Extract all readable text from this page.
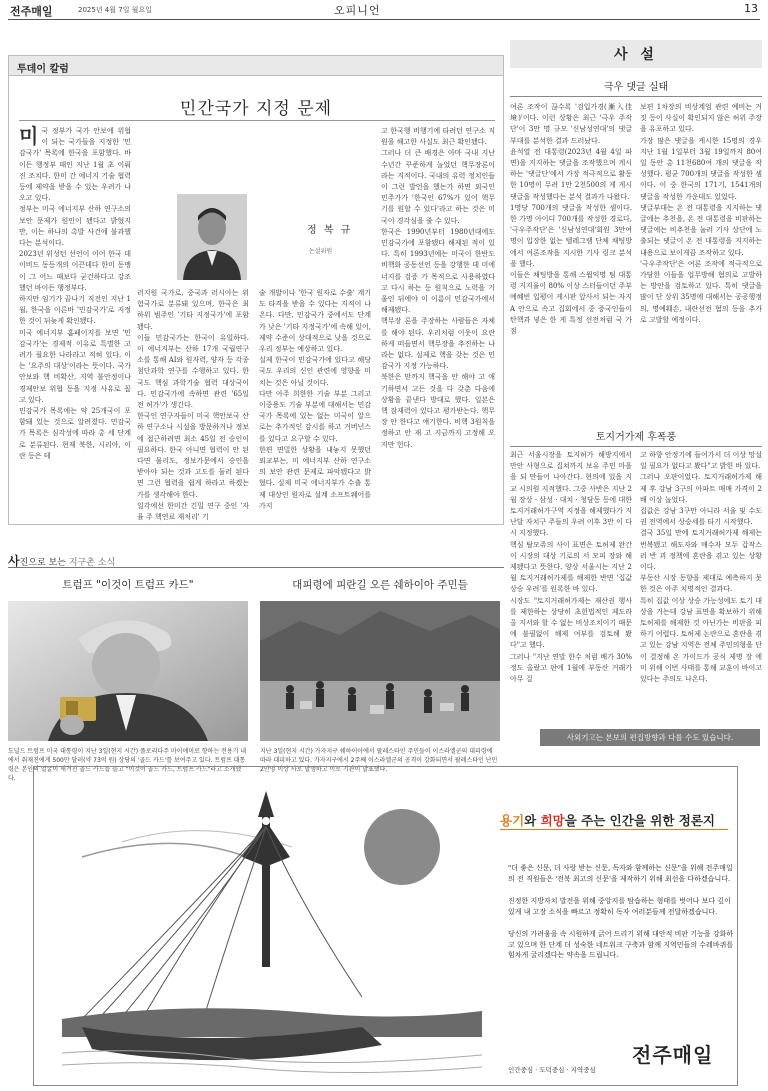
전주매일	2025년 4월 7일 월요일	오피니언	13
투데이 칼럼
민간국가 지정 문제
정 복 규
논설위원

미국 정부가 국가 안보에 위협이 되는 국가들을 지정한 '민감국가' 목록에 한국을 포함했다. 바이든 행정부 때인 지난 1월 초 이뤄진 조치다. 한미 간 에너지 기술 협력 등에 제약을 받을 수 있는 우려가 나오고 있다.

정부는 미국 에너지부 산하 연구소의 보안 문제가 원인이 됐다고 밝혔지만, 이는 하나의 촉발 사건에 불과했다는 분석이다.

2023년 위성턴 선언이 이어 한국 데이비드 동등개의 이끈데다 한미 동맹이 그 어느 때보다 굳건하다고 강조했던 바이든 행정부다.

하지만 임기가 끝나기 직전인 지난 1월, 한국을 이른바 '민감국가'로 지정한 것이 뒤늦게 확인됐다.

미국 에너지부 홈페이지를 보면 '민감국가'는 경제적 이유로 특별한 고려가 필요한 나라라고 적혀 있다. 이는 '요주의 대상'이라는 뜻이다. 국가 안보와 핵 비확산, 지역 불안정이나 경제안보 위협 등을 지정 사유로 꼽고 있다.

민감국가 목록에는 약 25개국이 포함돼 있는 것으로 알려졌다. 민감국가 목록은 심각성에 따라 총 세 단계로 분류된다. 현재 북한, 시리아, 이란 등은 테

러지원 국가로, 중국과 러시아는 위험국가로 분류돼 있으며, 한국은 최하위 범주인 '기타 지정국가'에 포함됐다.

이들 민감국가는 한국이 유일하다. 이 에너지부는 산하 17개 국립연구소를 통해 AI와 원자력, 양자 등 각종 첨단과학 연구를 수행하고 있다. 한국도 핵심 과학기술 협력 대상국이다. 민감국가에 속하면 관련 '65일 전 허가'가 생긴다.

한국인 연구자들이 미국 핵안보국 산하 연구소나 시설을 방문하거나 정보에 접근하려면 최소 45일 전 승인이 필요하다. 한국 아니면 협력이 안 된다면 물리도, 정보가문에서 승인을 받아야 되는 것과 고도를 둘러 된다면 그런 협력을 쉽게 하라고 하겠는가를 생각해야 한다.

일각에선 한미간 긴밀 연구 중인 '자율 주 핵연료 재처리' 기

술 개발이나 '한국 원자로 수출' 계기도 타격을 받을 수 있다는 지적이 나온다. 다만, 민감국가 중에서도 단계가 낮은 '기타 지정국가'에 속해 있어, 제약 수준이 상대적으로 낮을 것으로 우리 정부는 예상하고 있다.

실제 한국이 민감국가에 있다고 해당국도 우리의 신인 관련에 영향을 미치는 것은 아닐 것이다.

다만 아주 희한한 기술 부분 그리고 이중용도 기술 부분에 대해서는 민감국가 목록에 있는 없는 미국이 앞으로는 추가적인 감시를 하고 거버넌스를 있다고 요구할 수 있다.

한편 면밀한 상황을 내놓지 못했던 외교부는, 미 에너지부 산하 연구소의 보안 관련 문제로 파악됐다고 밝혔다. 실제 미국 에너지부가 수출 통제 대상인 원자로 설계 소프트웨어를 가지

고 한국행 비행기에 타려던 연구소 직원을 해고한 사실도 최근 확인됐다.

그러나 더 큰 배경은 아마 국내 지난 수년간 꾸준하게 늘었던 핵무장론이라는 지적이다. 국내의 유력 정치인들이 그런 발언을 했는가 하면 외국인 민주가가 '한국인 67%가 있어 핵무기를 원할 수 있다'라고 하는 것은 미국이 경각심을 줄 수 있다.

한국은 1990년부터 1980년대에도 민감국가에 포함됐다 해제된 적이 있다. 특히 1993년에는 미국이 한반도 비핵화 공동선언 등을 강행한 데 미에너지를 검증 가 목적으로 사용하였다고 다시 하는 등 원칙으로 노력을 기울인 뒤에야 이 이름이 민감국가에서 해제됐다.

핵무장 론을 주장하는 사람들은 자체를 해야 된다. 우리처럼 이웃이 요란하게 떠들면서 핵무장을 추진하는 나라는 없다. 실제로 핵을 갖는 것은 민감국가 지정 가능하다.

북한은 맏까지 핵국을 안 해야 고 애기하면서 고든 것을 다 갖춘 다음에 상황을 끝낸다 방대로 했다. 일본은 핵 잠재력이 있다고 평가받는다. 핵무장 안 한다고 얘기한다. 비핵 3원칙을 정하고 안 재 고 지금까지 고정해 오 지만 헌다.

사진으로 보는 지구촌 소식
트럼프 "이것이 트럼프 카드"
도널드 트럼프 미국 대통령이 지난 3일(현지 시간) 플로리다주 마이애미로 향하는 전용기 내에서 취재진에게 500만 달러(약 73억 원) 상당의 '골드 카드'를 보여주고 있다. 트럼프 대통령은 본인의 얼굴이 새겨진 골드 카드를 들고 "이것이 골드 카드, 트럼프 카드"라고 소개했다.
대피령에 피란길 오른 쉐하이아 주민들
지난 3일(현지 시간) 가자지구 쉐하이아에서 팔레스타인 주민들이 이스라엘군의 대피령에 따라 대피하고 있다. 가자지구에서 2주째 이스라엘군의 공격이 강화되면서 팔레스타인 난민 2만명 이상 사로 발생하고 이로 기관이 발표했다.
사 설
극우 댓글 실태

여론 조작이 끊수록 '검입가경(漸入佳境)'이다. 이런 상황은 최근 '극우 주작단'이 3만 명 규모 '신남성연대'의 댓글 부대를 분석한 결과 드러났다.

윤석열 전 대통령(2023년 4월 4일 파면)을 지지하는 댓글을 조작했으며 게시하는 '댓글단'에서 가장 적극적으로 활동한 10명이 무려 1만 2천500의 게 게시 댓글을 작성했다는 분석 결과가 나왔다.

1명당 700개의 댓글을 작성한 셈이다. 한 가명 아이디 700개를 작성한 경로다, '극우주작단'은 '신남성연대'회원 3만여 명이 입장한 없는 텔레그램 단체 채팅방에서 여론조작을 지시한 기사 링크 분석을 했다.

이들은 채팅방을 통해 스윕익명 팀 대통령 지지율이 80% 이상 스터들이던 주부 예혜빈 입평이 게시판 앞사서 되는 자지 A 안으로 속고 집회에서 중 증국인들이 탄핵과 넣은 한 게 특정 선전처럼 국 가점

보편 1차장의 비상계엄 관련 예비는 거짓 등이 사실이 확인되지 않은 허위 주장을 유포하고 있다.

가장 많은 댓글을 게시한 15명의 경우 지난 1월 1일부터 3월 19일까지 80여 일 동안 총 11천680여 개의 댓글을 작성했다. 평균 700개의 댓글을 작성한 셈이다. 이 중 한국의 171기, 1541개의 댓글을 작성한 가운데도 있었다.

댓글부대는 온 전 대통령을 지지하는 댓글에는 추천을, 온 전 대통령을 비판하는 댓글에는 비추천을 눌러 기사 상단에 노출되는 댓글이 온 전 대통령을 지지하는 내용으로 보이게끔 조작하고 있다.

'극우주작단'은 여론 조작에 적극적으로 가담한 이들을 업무방해 혐의로 고발하는 방안을 검토하고 있다. 특히 댓글을 많이 단 상위 35명에 대해서는 공공행정의, 명예훼손, 내란선전 혐의 등을 추가로 고발할 예정이다.

토지거가제 후폭풍

최근 서울시장을 토지허가 해방지에서 만안 사형으로 집쳐까지 보유 주민 마을을 되 만들어 나아간다. 현의에 있을 지교 시의원 지적했다. 그중 사반은 지난 2월 장상 · 삼성 · 대치 · 청담동 등에 대한 토지거래허가구역 지정을 해제했다가 지난달 자치구 주들의 우려 이후 3만 이 다시 지정했다.

핵심 탈모쥬의 사이 표면은 토허제 완간이 시장의 대상 기로의 서 모피 장와 해 제됐다고 뜻한다. 양상 서울시는 지난 2월 토지거래허가제를 해제한 반면 '집값 상승 우려'를 원록한 바 있다.

시장도 "토지거래허가제는 재산권 행사를 제한하는 상당히 초헌법적인 제도라 올 지서와 할 수 없는 비상조치이기 때문에 불필없이 해제 여부를 검토해 봤다"고 했다.

그러나 "지난 연말 한수 처럼 배가 30% 정도 올랐고 판에 1월에 부동산 거래가 아무 걸

고 하향 안정기에 들어가서 더 이상 망설일 필요가 없다고 봤다"고 밝힌 바 있다.

그러나 오판이었다. 토지거래허가제 해제 후 강남 3구의 아파트 매매 가격이 2배 이상 늘었다.

집값은 강남 3구만 아니라 서울 및 수도권 전역에서 상승세를 타기 시작했다.

결국 35일 만에 토지거래허가제 해제는 번복됐고 해도자와 매수자 모두 갑작스러 반 괴 정책에 혼란을 겪고 있는 상황이다.

부동산 시장 동향을 제대로 예측하지 못한 것은 아주 치명적인 결과다.

특히 집값 이상 상승 가능성에도 토기 대상을 거는데 강남 표면을 확보하기 위해 토허제를 해제한 것 아닌가는 비판을 피하기 어렵다. 토허제 논란으로 혼란을 겪고 있는 강남 지역은 전체 주민의형을 단이 결정해 온 가이드가 공식 제명 장 에미 위해 이번 사태를 통해 교훈이 바이고 있다는 주의도 나온다.

사외기고는 본보의 편집방향과 다를 수도 있습니다.
용기와 희망을 주는 인간을 위한 정론지

"더 좋은 신문, 더 사랑 받는 신문, 독자와 함께하는 신문"을 위해 전주매일의 전 직원들은 '전북 최고의 신문'을 제작하기 위해 최선을 다하겠습니다.

진정한 지방자치 발전을 위해 중앙지를 탐습하는 형태를 벗어나 보다 깊이 있게 내 고장 소식을 빠르고 정확히 독자 여러분들께 전달하겠습니다.

당신의 가려움을 속 시원하게 긁어 드리기 위해 대안적 비판 기능을 강화하고 있으며 한 단계 더 성숙한 네트워크 구축과 함께 지역민들의 수레바퀴를 힘차게 굴리겠다는 약속을 드립니다.

인간중심 · 도덕중심 · 지역중심
전주매일
